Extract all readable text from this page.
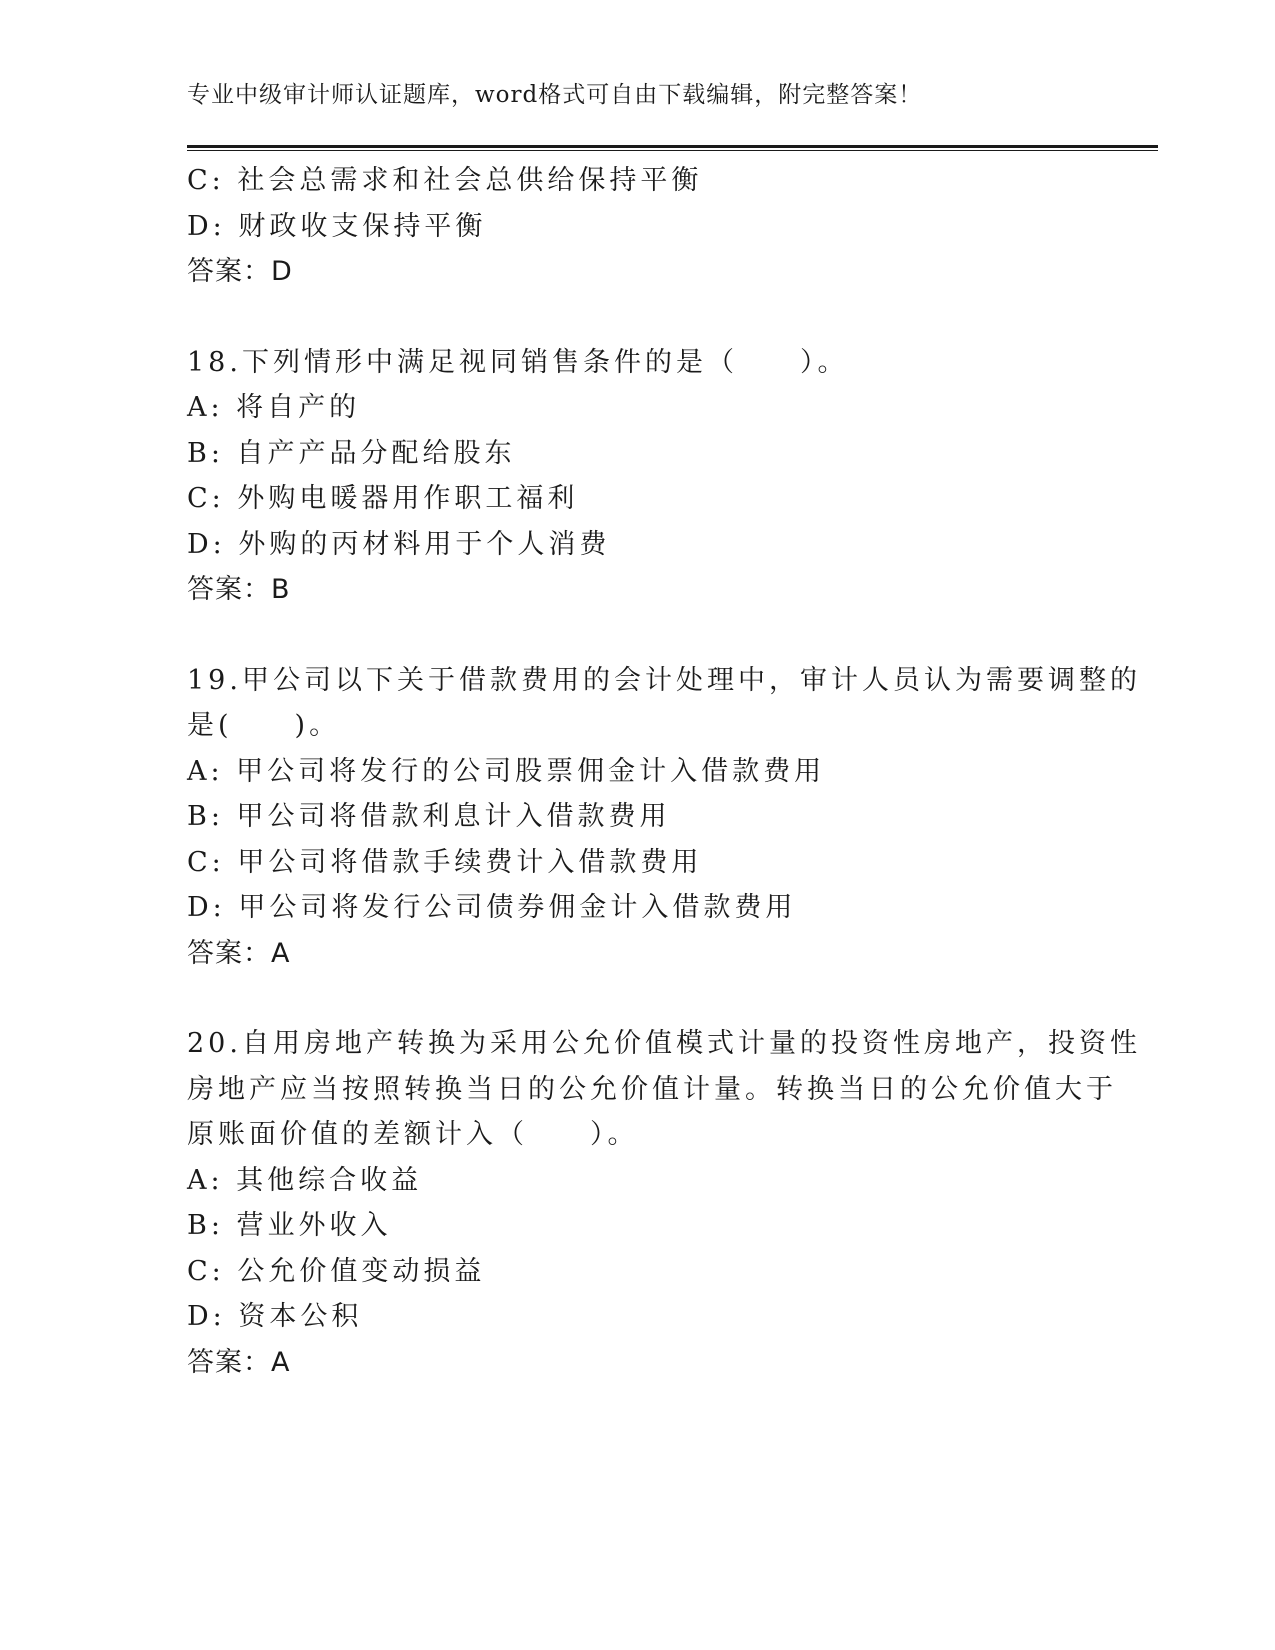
专业中级审计师认证题库，word格式可自由下载编辑，附完整答案！
C: 社会总需求和社会总供给保持平衡
D: 财政收支保持平衡
答案：D
18.下列情形中满足视同销售条件的是（　　）。
A: 将自产的
B: 自产产品分配给股东
C: 外购电暖器用作职工福利
D: 外购的丙材料用于个人消费
答案：B
19.甲公司以下关于借款费用的会计处理中，审计人员认为需要调整的
是(　　)。
A: 甲公司将发行的公司股票佣金计入借款费用
B: 甲公司将借款利息计入借款费用
C: 甲公司将借款手续费计入借款费用
D: 甲公司将发行公司债券佣金计入借款费用
答案：A
20.自用房地产转换为采用公允价值模式计量的投资性房地产，投资性
房地产应当按照转换当日的公允价值计量。转换当日的公允价值大于
原账面价值的差额计入（　　）。
A: 其他综合收益
B: 营业外收入
C: 公允价值变动损益
D: 资本公积
答案：A
